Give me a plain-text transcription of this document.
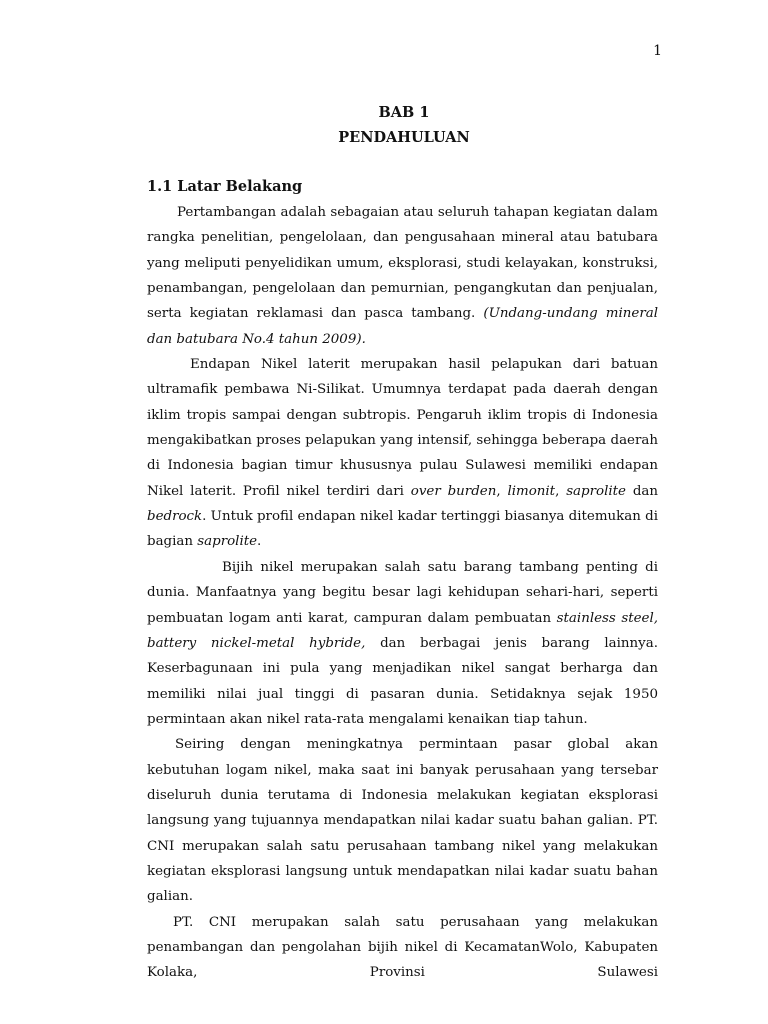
1
BAB 1
PENDAHULUAN
1.1 Latar Belakang

Pertambangan adalah sebagaian atau seluruh tahapan kegiatan dalam rangka penelitian, pengelolaan, dan pengusahaan mineral atau batubara yang meliputi penyelidikan umum, eksplorasi, studi kelayakan, konstruksi, penambangan, pengelolaan dan pemurnian, pengangkutan dan penjualan, serta kegiatan reklamasi dan pasca tambang. (Undang-undang mineral dan batubara No.4 tahun 2009).

Endapan Nikel laterit merupakan hasil pelapukan dari batuan ultramafik pembawa Ni-Silikat. Umumnya terdapat pada daerah dengan iklim tropis sampai dengan subtropis. Pengaruh iklim tropis di Indonesia mengakibatkan proses pelapukan yang intensif, sehingga beberapa daerah di Indonesia bagian timur khususnya pulau Sulawesi memiliki endapan Nikel laterit. Profil nikel terdiri dari over burden, limonit, saprolite dan bedrock. Untuk profil endapan nikel kadar tertinggi biasanya ditemukan di bagian saprolite.

Bijih nikel merupakan salah satu barang tambang penting di dunia. Manfaatnya yang begitu besar lagi kehidupan sehari-hari, seperti pembuatan logam anti karat, campuran dalam pembuatan stainless steel, battery nickel-metal hybride, dan berbagai jenis barang lainnya. Keserbagunaan ini pula yang menjadikan nikel sangat berharga dan memiliki nilai jual tinggi di pasaran dunia. Setidaknya sejak 1950 permintaan akan nikel rata-rata mengalami kenaikan tiap tahun.

Seiring dengan meningkatnya permintaan pasar global akan kebutuhan logam nikel, maka saat ini banyak perusahaan yang tersebar diseluruh dunia terutama di Indonesia melakukan kegiatan eksplorasi langsung yang tujuannya mendapatkan nilai kadar suatu bahan galian. PT. CNI merupakan salah satu perusahaan tambang nikel yang melakukan kegiatan eksplorasi langsung untuk mendapatkan nilai kadar suatu bahan galian.

PT. CNI merupakan salah satu perusahaan yang melakukan penambangan dan pengolahan bijih nikel di KecamatanWolo, Kabupaten Kolaka, Provinsi Sulawesi
